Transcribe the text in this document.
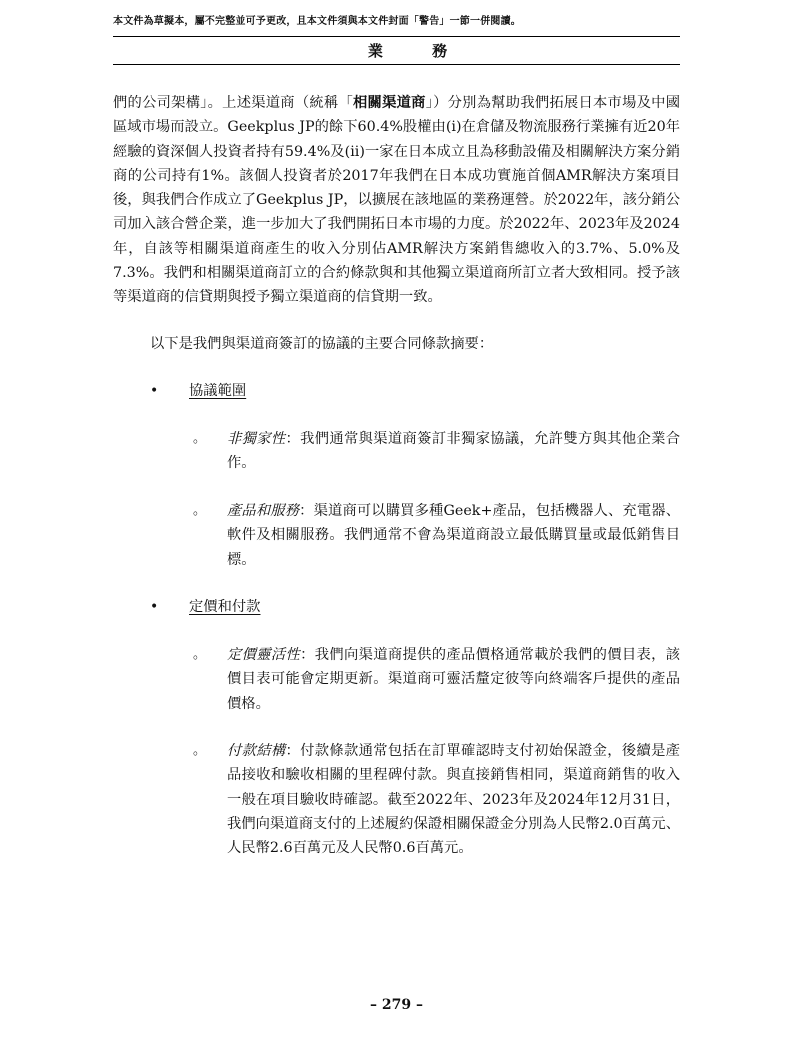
本文件為草擬本，屬不完整並可予更改，且本文件須與本文件封面「警告」一節一併閱讀。
業 務

們的公司架構」。上述渠道商（統稱「相關渠道商」）分別為幫助我們拓展日本市場及中國區域市場而設立。Geekplus JP的餘下60.4%股權由(i)在倉儲及物流服務行業擁有近20年經驗的資深個人投資者持有59.4%及(ii)一家在日本成立且為移動設備及相關解決方案分銷商的公司持有1%。該個人投資者於2017年我們在日本成功實施首個AMR解決方案項目後，與我們合作成立了Geekplus JP，以擴展在該地區的業務運營。於2022年，該分銷公司加入該合營企業，進一步加大了我們開拓日本市場的力度。於2022年、2023年及2024年，自該等相關渠道商產生的收入分別佔AMR解決方案銷售總收入的3.7%、5.0%及7.3%。我們和相關渠道商訂立的合約條款與和其他獨立渠道商所訂立者大致相同。授予該等渠道商的信貸期與授予獨立渠道商的信貸期一致。

以下是我們與渠道商簽訂的協議的主要合同條款摘要：

• 協議範圍
。 非獨家性：我們通常與渠道商簽訂非獨家協議，允許雙方與其他企業合作。

。 產品和服務：渠道商可以購買多種Geek+產品，包括機器人、充電器、軟件及相關服務。我們通常不會為渠道商設立最低購買量或最低銷售目標。

• 定價和付款
。 定價靈活性：我們向渠道商提供的產品價格通常載於我們的價目表，該價目表可能會定期更新。渠道商可靈活釐定彼等向終端客戶提供的產品價格。

。 付款結構：付款條款通常包括在訂單確認時支付初始保證金，後續是產品接收和驗收相關的里程碑付款。與直接銷售相同，渠道商銷售的收入一般在項目驗收時確認。截至2022年、2023年及2024年12月31日，我們向渠道商支付的上述履約保證相關保證金分別為人民幣2.0百萬元、人民幣2.6百萬元及人民幣0.6百萬元。

– 279 –
